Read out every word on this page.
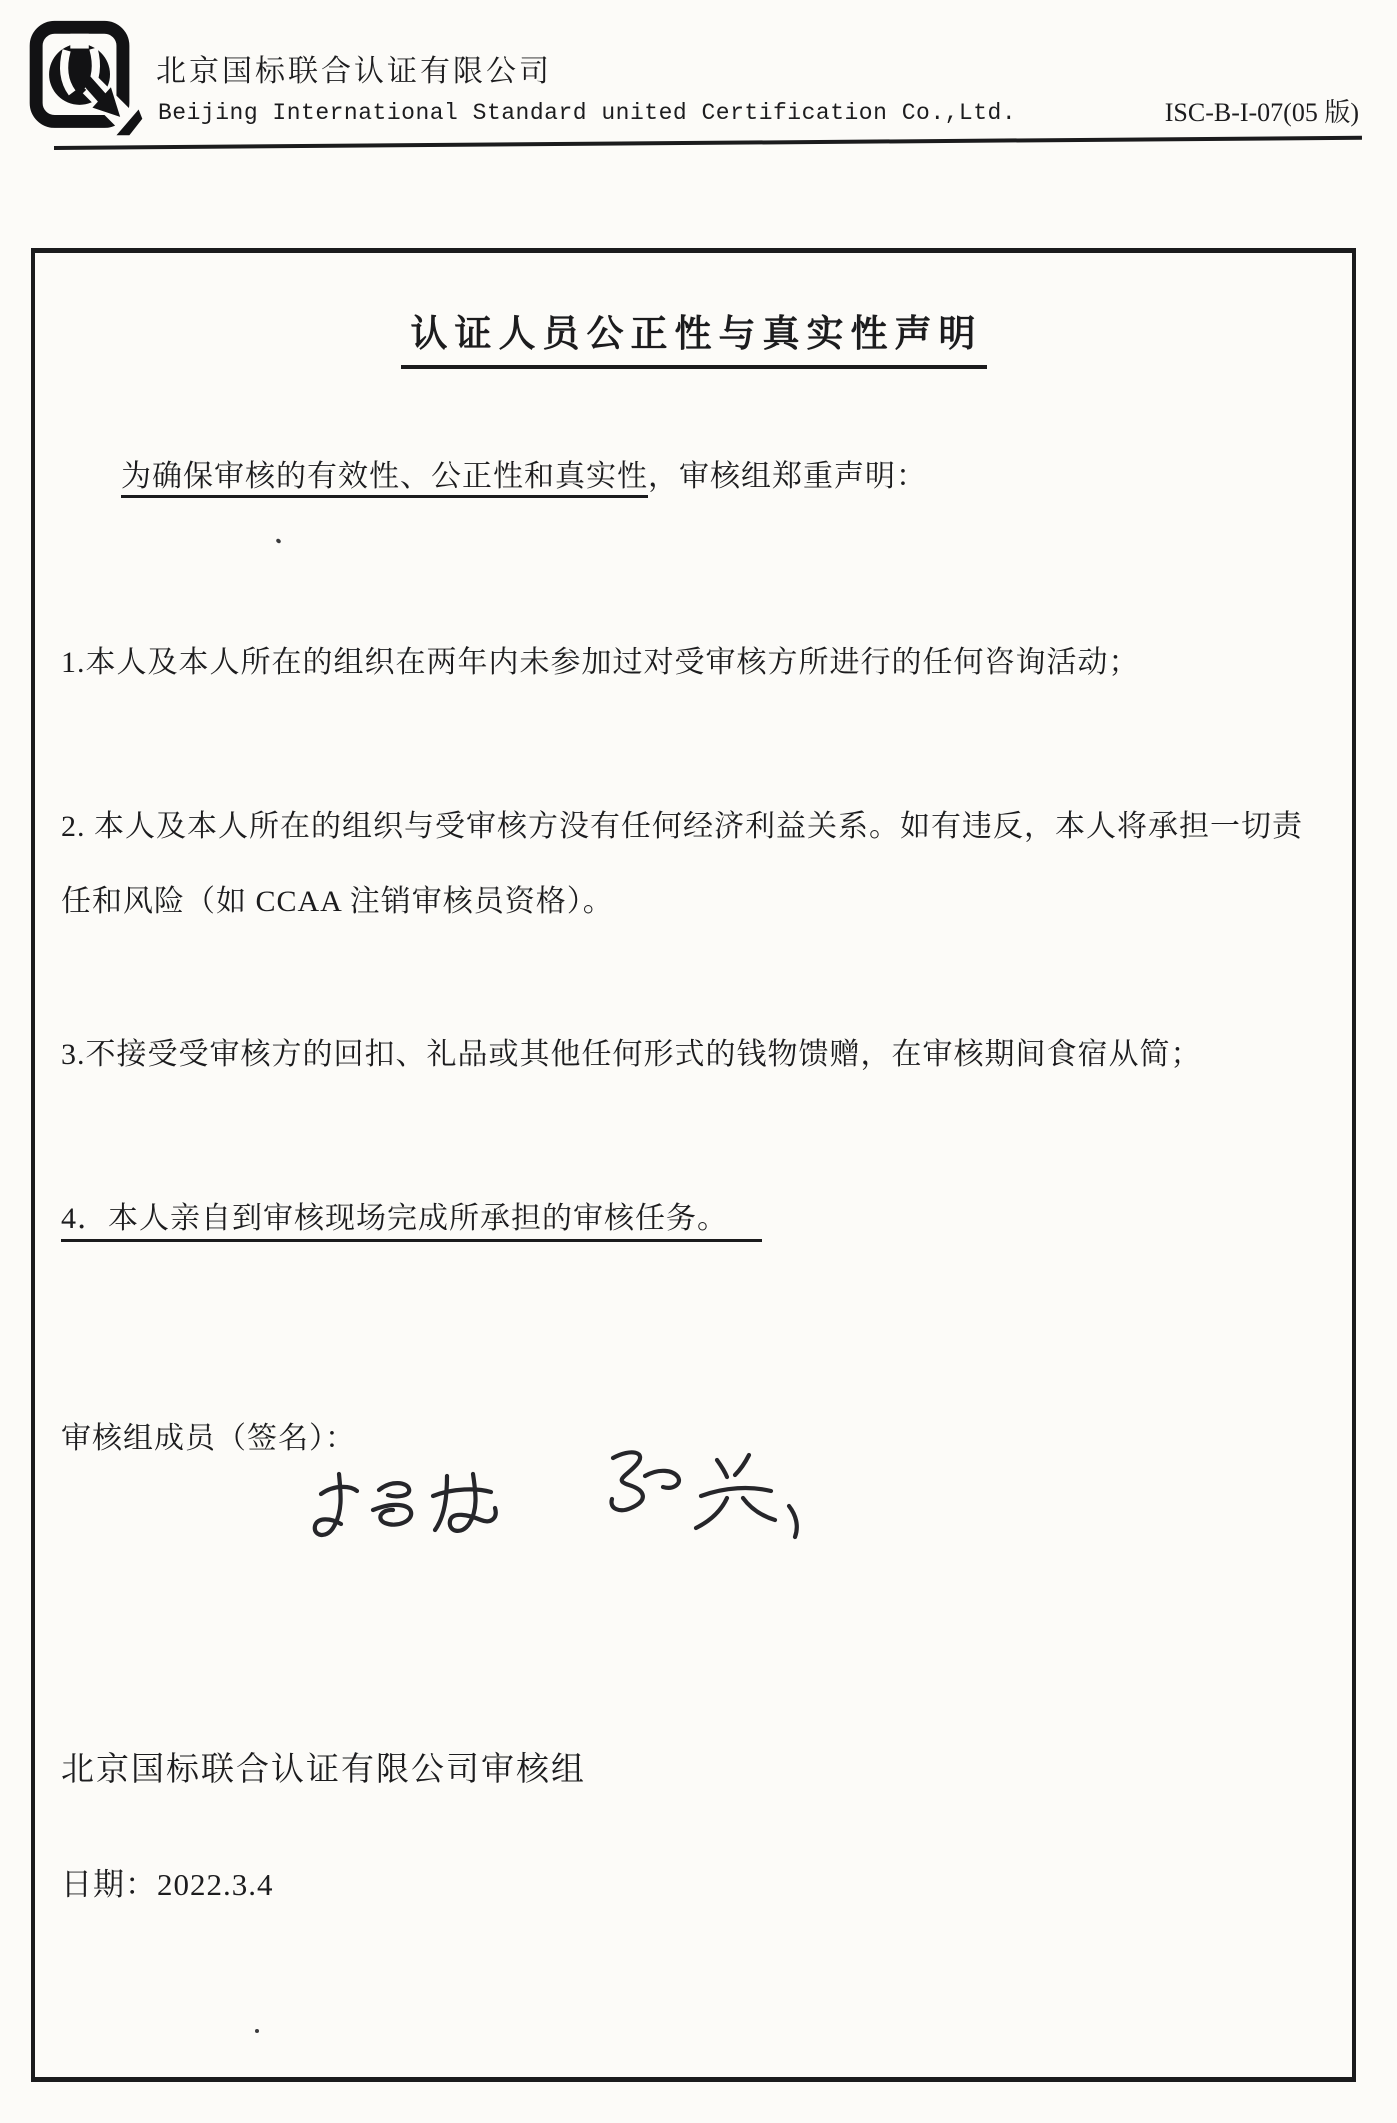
北京国标联合认证有限公司
Beijing International Standard united Certification Co.,Ltd.	ISC-B-I-07(05 版)
认证人员公正性与真实性声明

为确保审核的有效性、公正性和真实性，审核组郑重声明：

1.本人及本人所在的组织在两年内未参加过对受审核方所进行的任何咨询活动；

2. 本人及本人所在的组织与受审核方没有任何经济利益关系。如有违反，本人将承担一切责任和风险（如 CCAA 注销审核员资格）。

3.不接受受审核方的回扣、礼品或其他任何形式的钱物馈赠，在审核期间食宿从简；

4．本人亲自到审核现场完成所承担的审核任务。

审核组成员（签名）：
北京国标联合认证有限公司审核组
日期：2022.3.4
